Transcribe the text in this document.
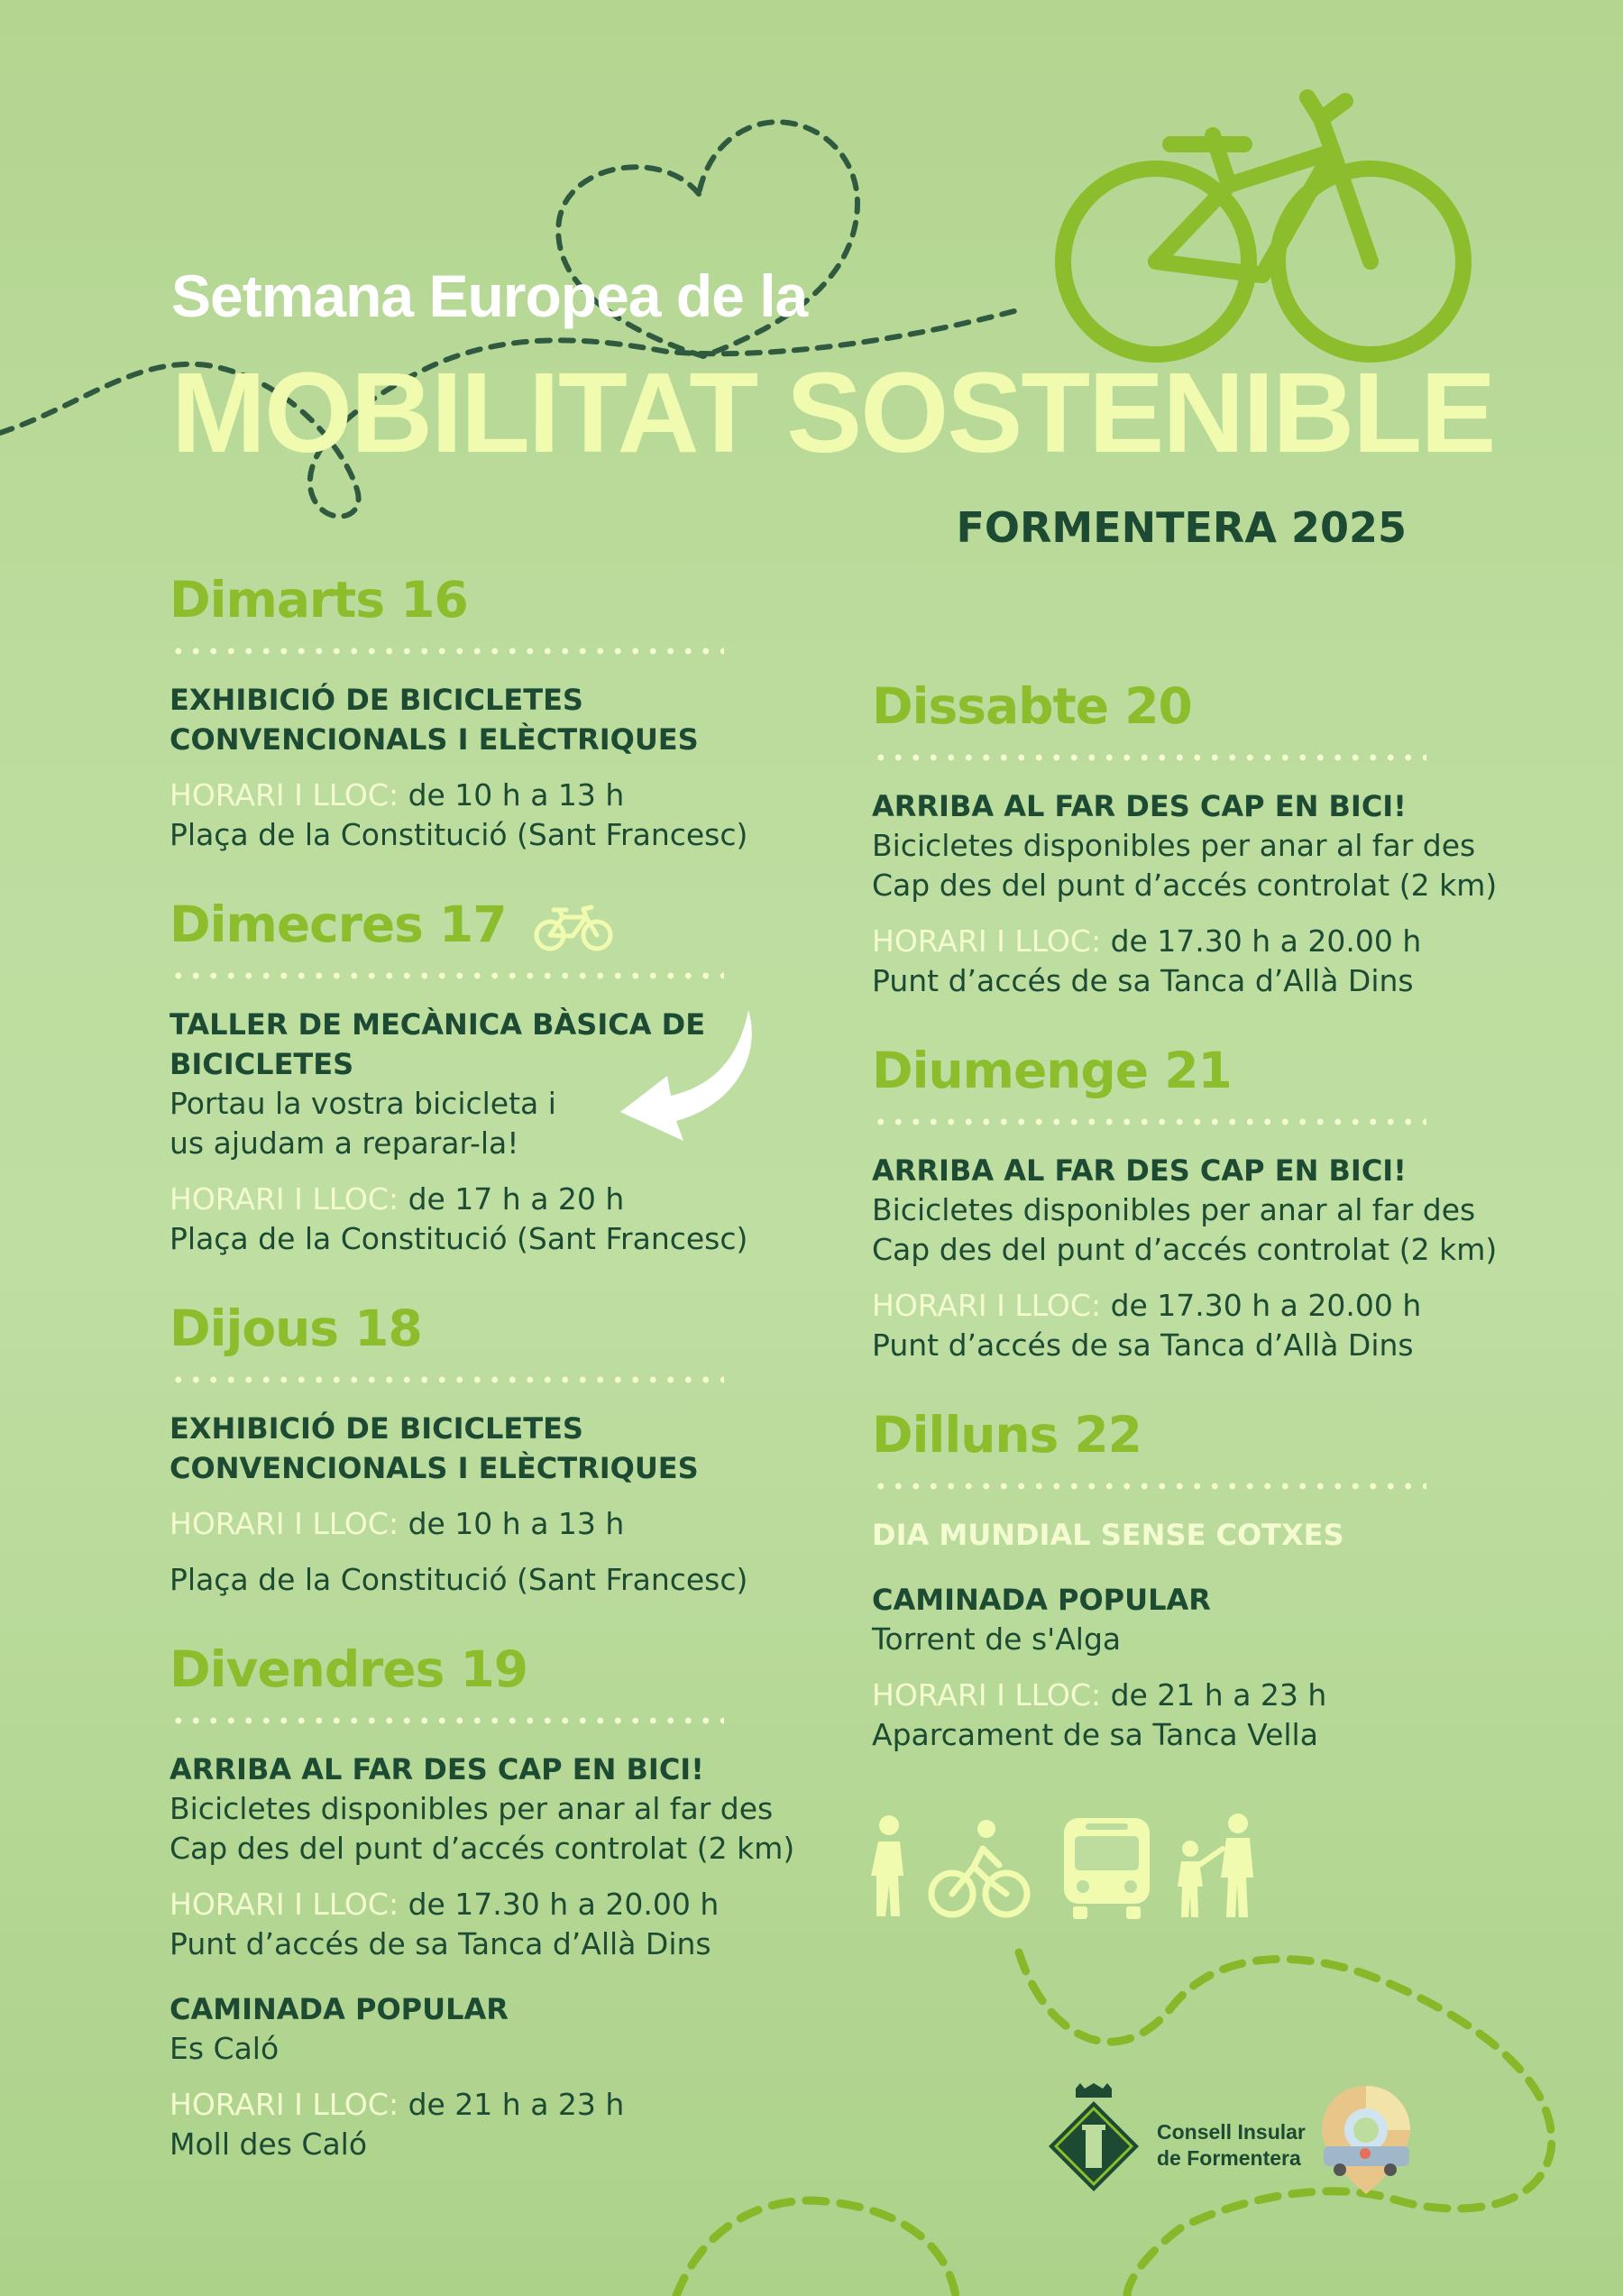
Setmana Europea de la
MOBILITAT SOSTENIBLE
FORMENTERA 2025
Dimarts 16

EXHIBICIÓ DE BICICLETES

CONVENCIONALS I ELÈCTRIQUES

HORARI I LLOC: de 10 h a 13 h

Plaça de la Constitució (Sant Francesc)

Dimecres 17

TALLER DE MECÀNICA BÀSICA DE

BICICLETES

Portau la vostra bicicleta i

us ajudam a reparar-la!

HORARI I LLOC: de 17 h a 20 h

Plaça de la Constitució (Sant Francesc)

Dijous 18

EXHIBICIÓ DE BICICLETES

CONVENCIONALS I ELÈCTRIQUES

HORARI I LLOC: de 10 h a 13 h

Plaça de la Constitució (Sant Francesc)

Divendres 19

ARRIBA AL FAR DES CAP EN BICI!

Bicicletes disponibles per anar al far des

Cap des del punt d’accés controlat (2 km)

HORARI I LLOC: de 17.30 h a 20.00 h

Punt d’accés de sa Tanca d’Allà Dins

CAMINADA POPULAR

Es Caló

HORARI I LLOC: de 21 h a 23 h

Moll des Caló

Dissabte 20

ARRIBA AL FAR DES CAP EN BICI!

Bicicletes disponibles per anar al far des

Cap des del punt d’accés controlat (2 km)

HORARI I LLOC: de 17.30 h a 20.00 h

Punt d’accés de sa Tanca d’Allà Dins

Diumenge 21

ARRIBA AL FAR DES CAP EN BICI!

Bicicletes disponibles per anar al far des

Cap des del punt d’accés controlat (2 km)

HORARI I LLOC: de 17.30 h a 20.00 h

Punt d’accés de sa Tanca d’Allà Dins

Dilluns 22

DIA MUNDIAL SENSE COTXES

CAMINADA POPULAR

Torrent de s'Alga

HORARI I LLOC: de 21 h a 23 h

Aparcament de sa Tanca Vella

Consell Insular
de Formentera
